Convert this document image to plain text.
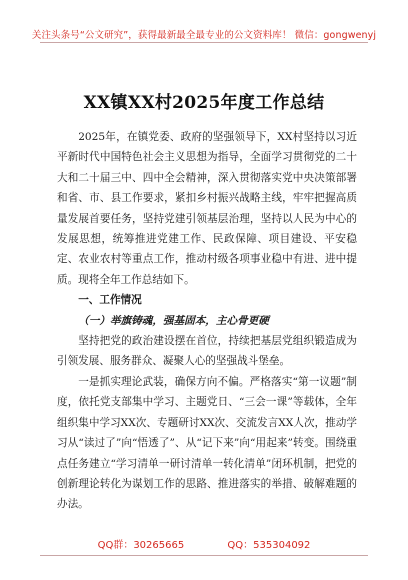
关注头条号“公文研究”，获得最新最全最专业的公文资料库！ 微信：gongwenyj
XX镇XX村2025年度工作总结

2025年，在镇党委、政府的坚强领导下，XX村坚持以习近平新时代中国特色社会主义思想为指导，全面学习贯彻党的二十大和二十届三中、四中全会精神，深入贯彻落实党中央决策部署和省、市、县工作要求，紧扣乡村振兴战略主线，牢牢把握高质量发展首要任务，坚持党建引领基层治理，坚持以人民为中心的发展思想，统筹推进党建工作、民政保障、项目建设、平安稳定、农业农村等重点工作，推动村级各项事业稳中有进、进中提质。现将全年工作总结如下。

一、工作情况

（一）举旗铸魂，强基固本，主心骨更硬

坚持把党的政治建设摆在首位，持续把基层党组织锻造成为引领发展、服务群众、凝聚人心的坚强战斗堡垒。

一是抓实理论武装，确保方向不偏。严格落实“第一议题”制度，依托党支部集中学习、主题党日、“三会一课”等载体，全年组织集中学习XX次、专题研讨XX次、交流发言XX人次，推动学习从“读过了”向“悟透了”、从“记下来”向“用起来”转变。围绕重点任务建立“学习清单一研讨清单一转化清单”闭环机制，把党的创新理论转化为谋划工作的思路、推进落实的举措、破解难题的办法。

QQ群：30265665	QQ：535304092
